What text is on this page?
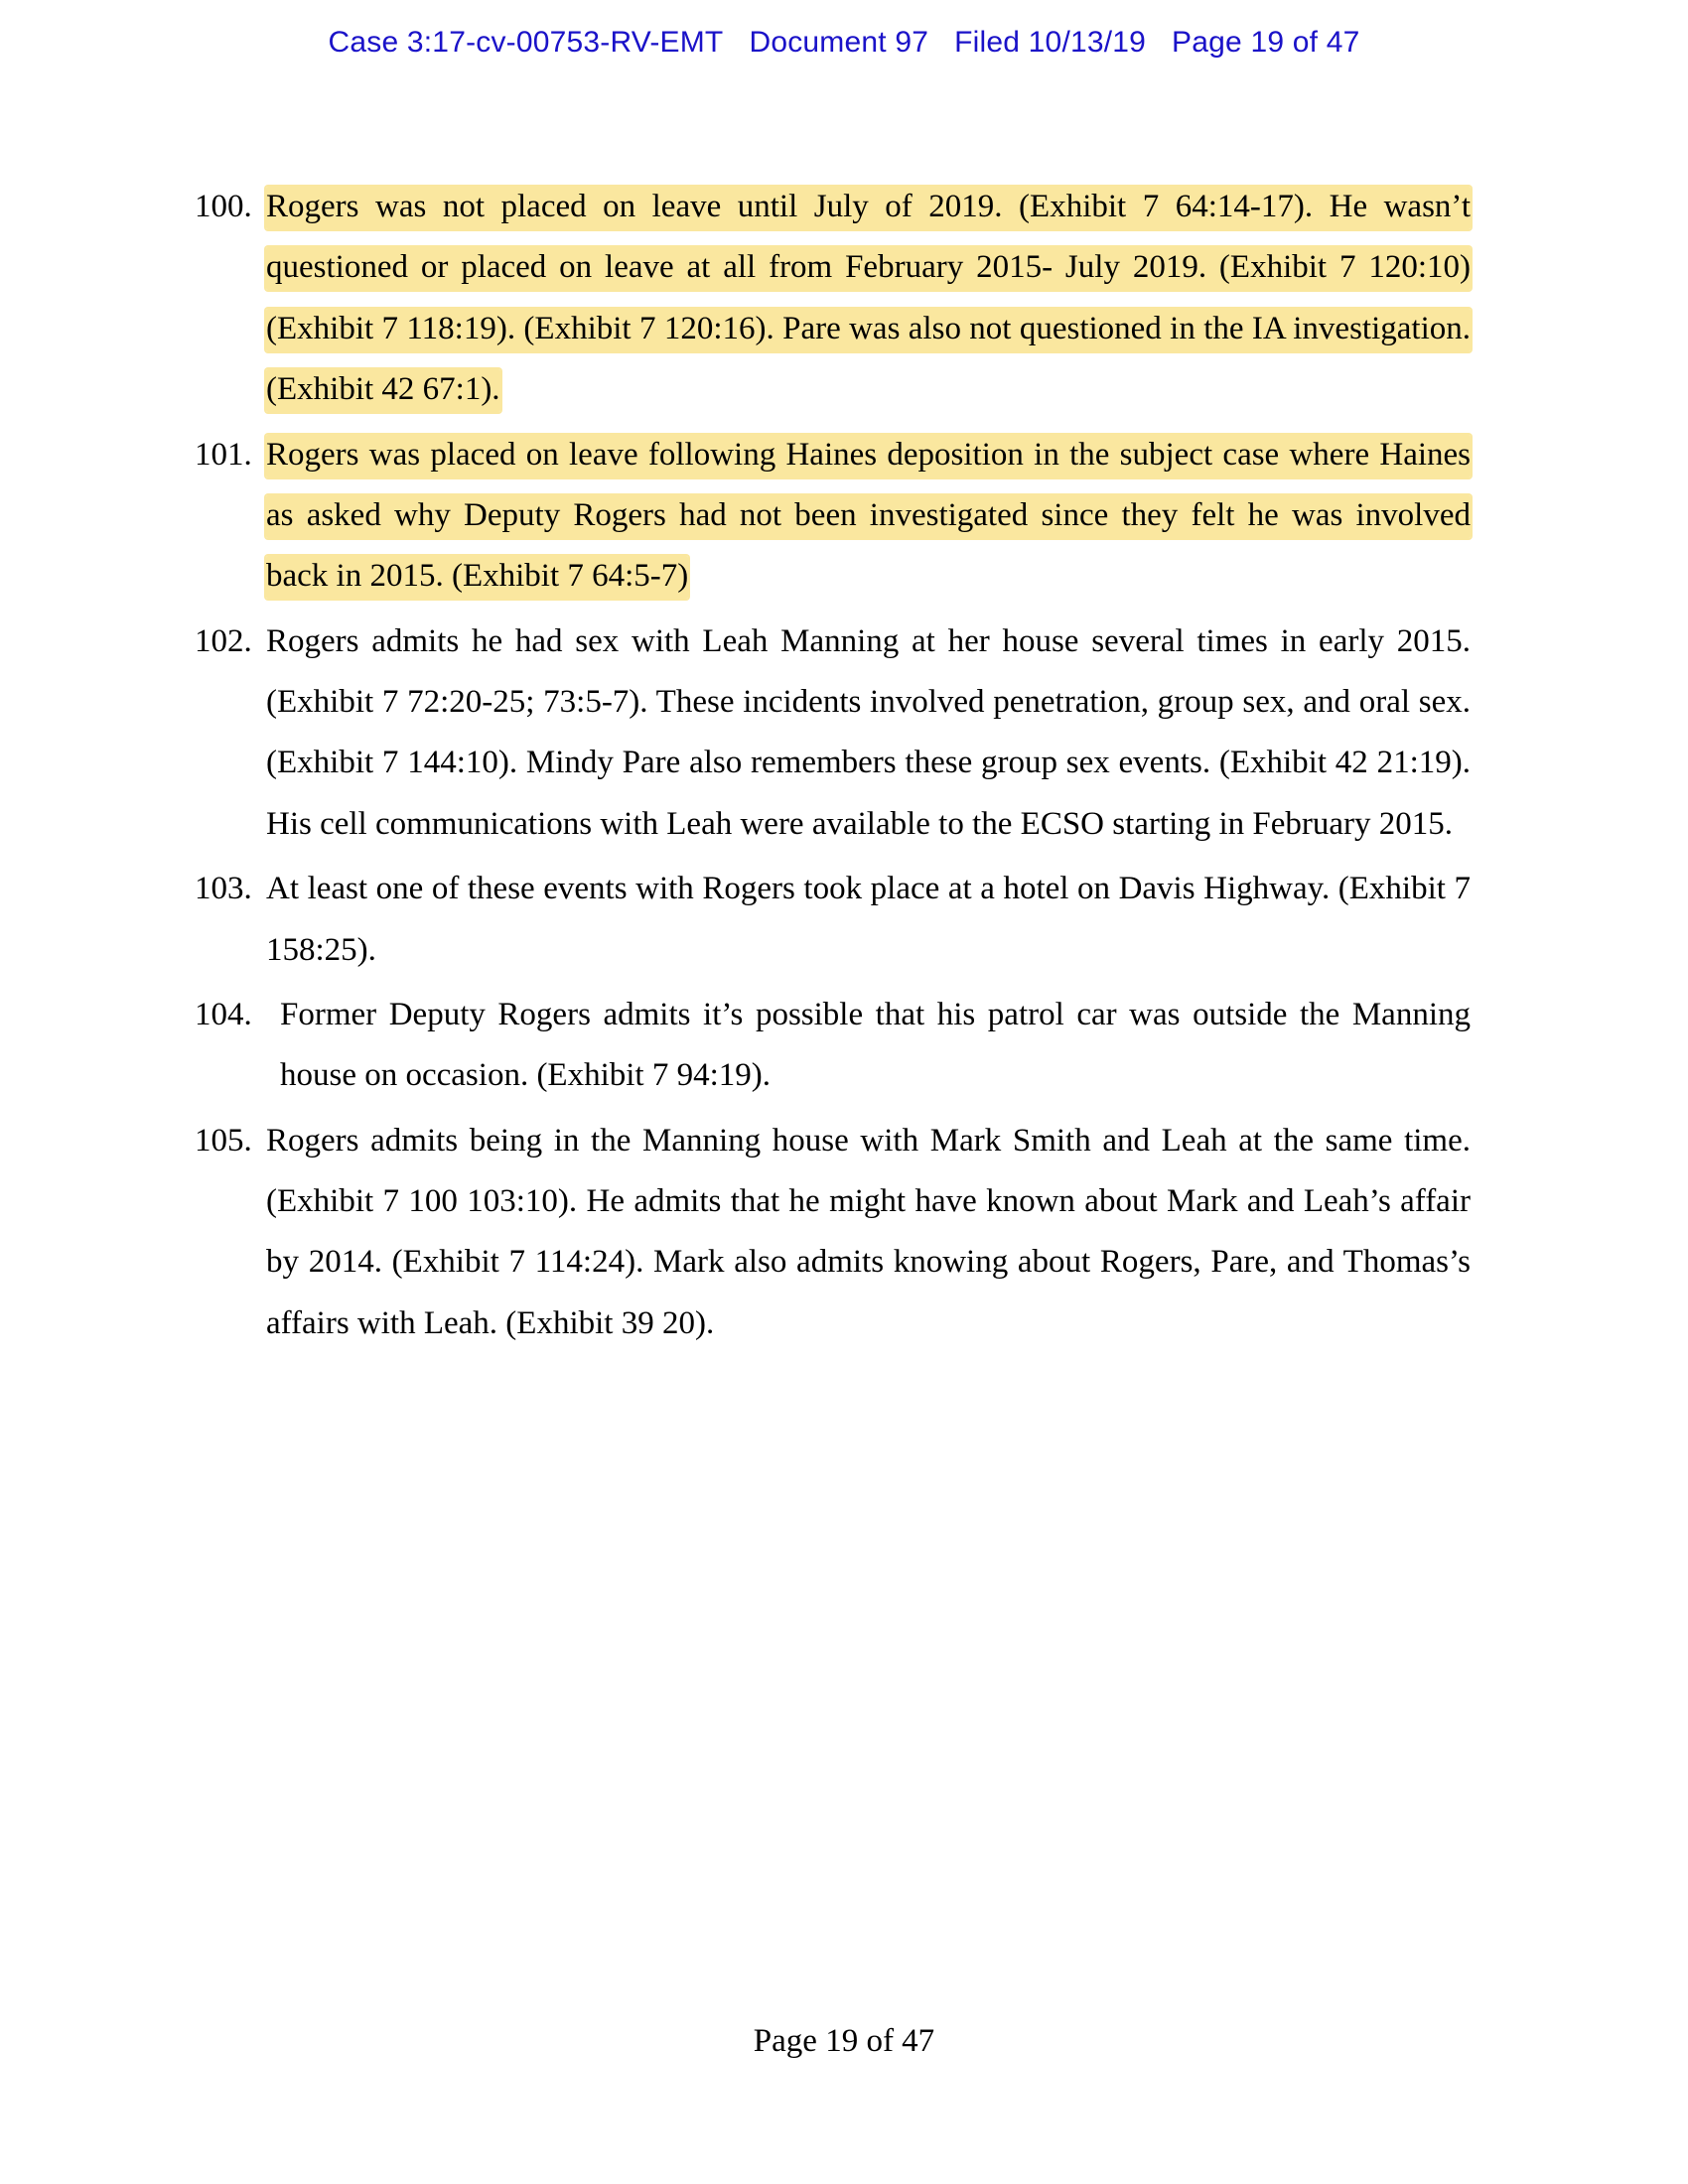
Case 3:17-cv-00753-RV-EMT Document 97 Filed 10/13/19 Page 19 of 47
100. Rogers was not placed on leave until July of 2019. (Exhibit 7 64:14-17). He wasn’t questioned or placed on leave at all from February 2015- July 2019. (Exhibit 7 120:10) (Exhibit 7 118:19). (Exhibit 7 120:16). Pare was also not questioned in the IA investigation. (Exhibit 42 67:1).
101. Rogers was placed on leave following Haines deposition in the subject case where Haines as asked why Deputy Rogers had not been investigated since they felt he was involved back in 2015. (Exhibit 7 64:5-7)
102. Rogers admits he had sex with Leah Manning at her house several times in early 2015. (Exhibit 7 72:20-25; 73:5-7). These incidents involved penetration, group sex, and oral sex. (Exhibit 7 144:10). Mindy Pare also remembers these group sex events. (Exhibit 42 21:19). His cell communications with Leah were available to the ECSO starting in February 2015.
103. At least one of these events with Rogers took place at a hotel on Davis Highway. (Exhibit 7 158:25).
104. Former Deputy Rogers admits it’s possible that his patrol car was outside the Manning house on occasion. (Exhibit 7 94:19).
105. Rogers admits being in the Manning house with Mark Smith and Leah at the same time. (Exhibit 7 100 103:10). He admits that he might have known about Mark and Leah’s affair by 2014. (Exhibit 7 114:24). Mark also admits knowing about Rogers, Pare, and Thomas’s affairs with Leah. (Exhibit 39 20).
Page 19 of 47
